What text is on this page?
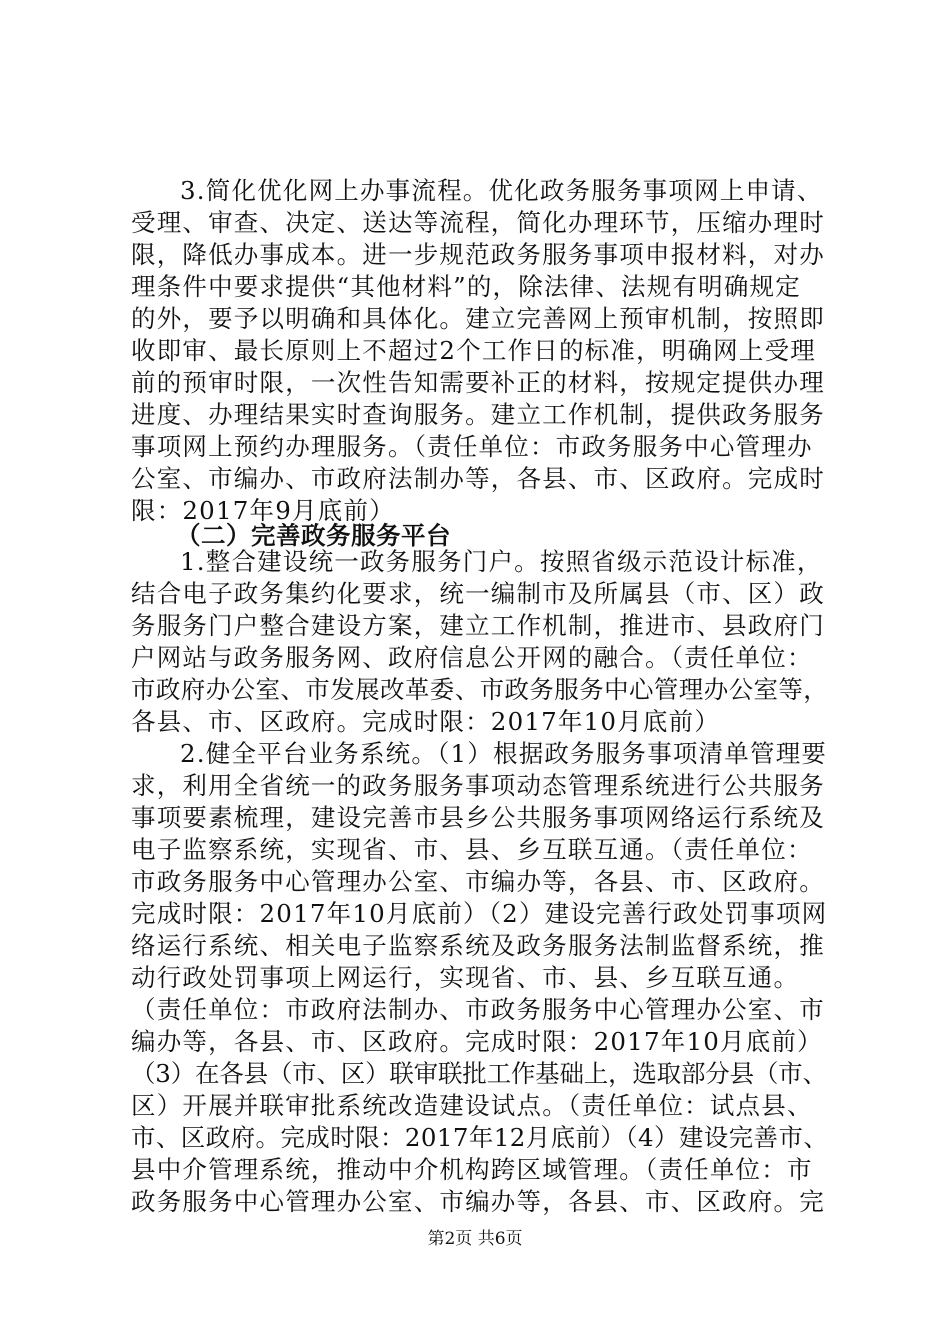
3.简化优化网上办事流程。优化政务服务事项网上申请、
受理、审查、决定、送达等流程，简化办理环节，压缩办理时
限，降低办事成本。进一步规范政务服务事项申报材料，对办
理条件中要求提供“其他材料”的，除法律、法规有明确规定
的外，要予以明确和具体化。建立完善网上预审机制，按照即
收即审、最长原则上不超过2个工作日的标准，明确网上受理
前的预审时限，一次性告知需要补正的材料，按规定提供办理
进度、办理结果实时查询服务。建立工作机制，提供政务服务
事项网上预约办理服务。（责任单位：市政务服务中心管理办
公室、市编办、市政府法制办等，各县、市、区政府。完成时
限：2017年9月底前）
（二）完善政务服务平台
1.整合建设统一政务服务门户。按照省级示范设计标准，
结合电子政务集约化要求，统一编制市及所属县（市、区）政
务服务门户整合建设方案，建立工作机制，推进市、县政府门
户网站与政务服务网、政府信息公开网的融合。（责任单位：
市政府办公室、市发展改革委、市政务服务中心管理办公室等，
各县、市、区政府。完成时限：2017年10月底前）
2.健全平台业务系统。（1）根据政务服务事项清单管理要
求，利用全省统一的政务服务事项动态管理系统进行公共服务
事项要素梳理，建设完善市县乡公共服务事项网络运行系统及
电子监察系统，实现省、市、县、乡互联互通。（责任单位：
市政务服务中心管理办公室、市编办等，各县、市、区政府。
完成时限：2017年10月底前）（2）建设完善行政处罚事项网
络运行系统、相关电子监察系统及政务服务法制监督系统，推
动行政处罚事项上网运行，实现省、市、县、乡互联互通。
（责任单位：市政府法制办、市政务服务中心管理办公室、市
编办等，各县、市、区政府。完成时限：2017年10月底前）
（3）在各县（市、区）联审联批工作基础上，选取部分县（市、
区）开展并联审批系统改造建设试点。（责任单位：试点县、
市、区政府。完成时限：2017年12月底前）（4）建设完善市、
县中介管理系统，推动中介机构跨区域管理。（责任单位：市
政务服务中心管理办公室、市编办等，各县、市、区政府。完
第2页 共6页
